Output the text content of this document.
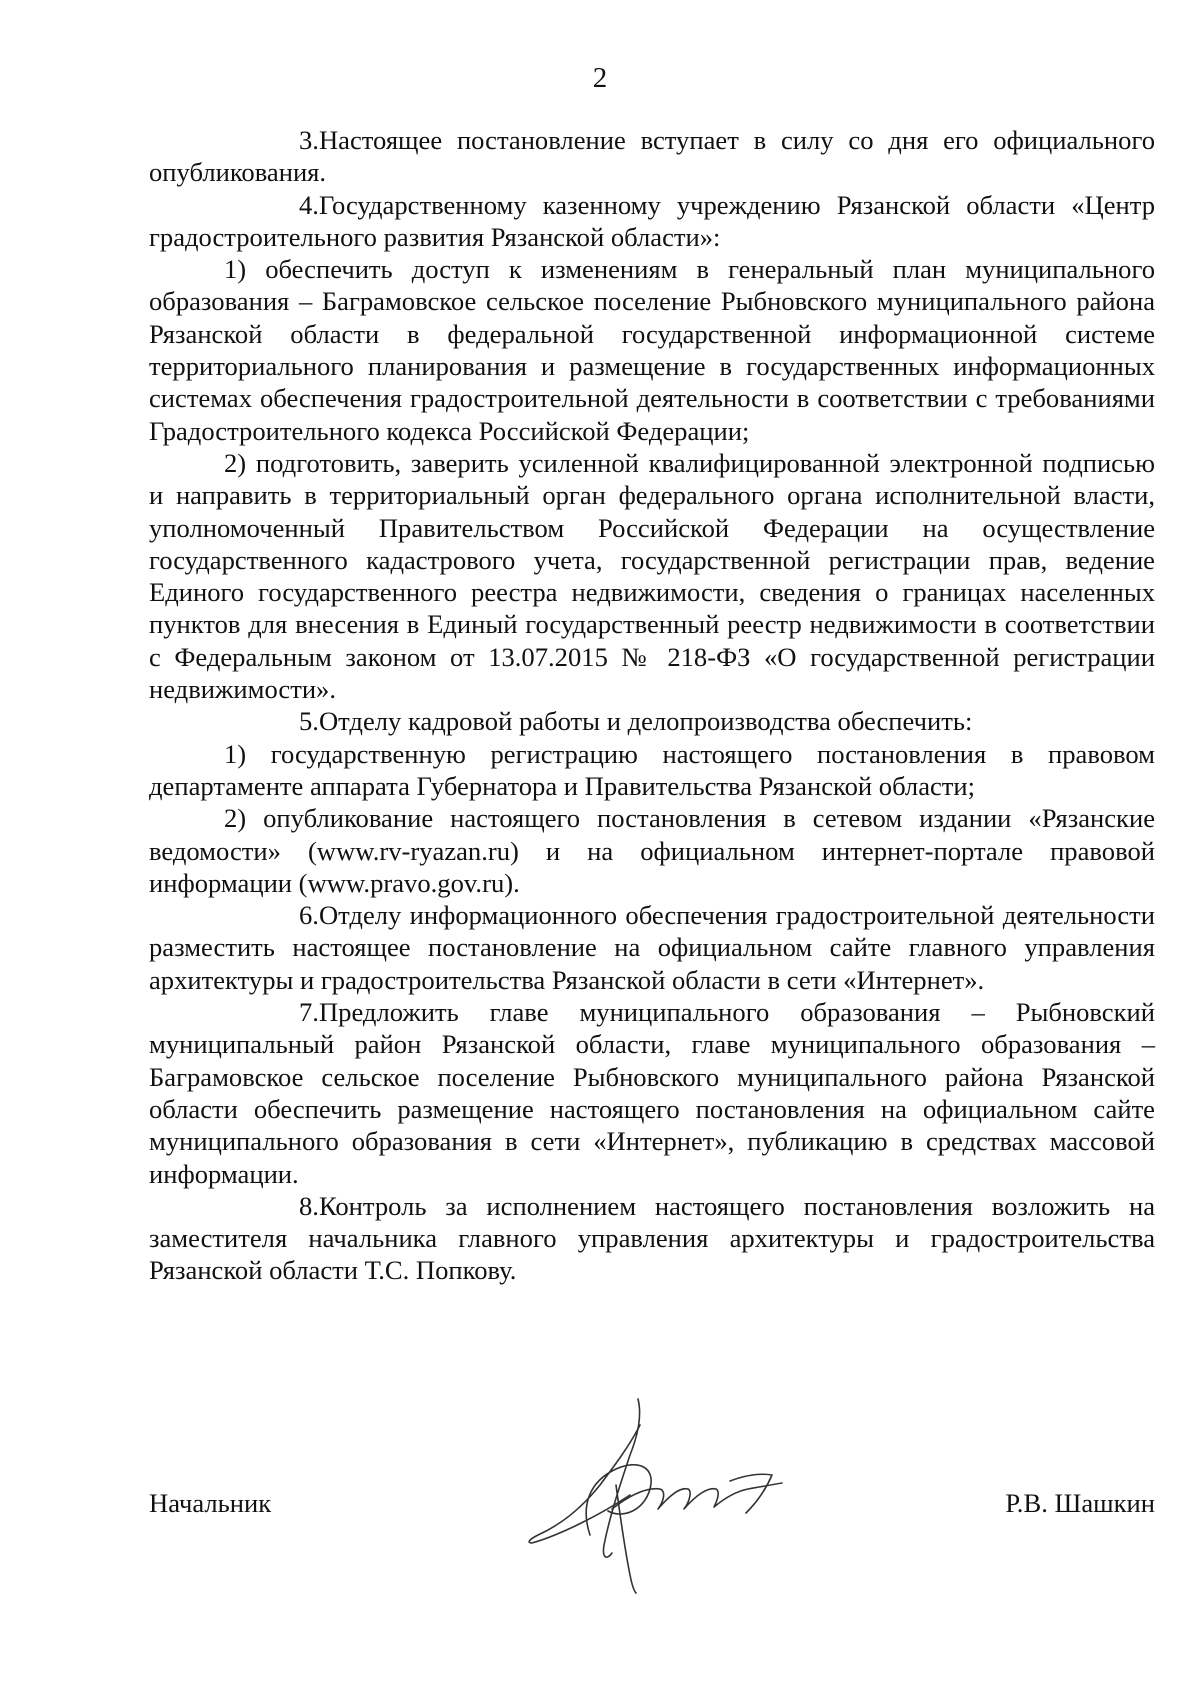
2

3.Настоящее постановление вступает в силу со дня его официального опубликования.

4.Государственному казенному учреждению Рязанской области «Центр градостроительного развития Рязанской области»:

1) обеспечить доступ к изменениям в генеральный план муниципального образования – Баграмовское сельское поселение Рыбновского муниципального района Рязанской области в федеральной государственной информационной системе территориального планирования и размещение в государственных информационных системах обеспечения градостроительной деятельности в соответствии с требованиями Градостроительного кодекса Российской Федерации;

2) подготовить, заверить усиленной квалифицированной электронной подписью и направить в территориальный орган федерального органа исполнительной власти, уполномоченный Правительством Российской Федерации на осуществление государственного кадастрового учета, государственной регистрации прав, ведение Единого государственного реестра недвижимости, сведения о границах населенных пунктов для внесения в Единый государственный реестр недвижимости в соответствии с Федеральным законом от 13.07.2015 № 218-ФЗ «О государственной регистрации недвижимости».

5.Отделу кадровой работы и делопроизводства обеспечить:

1) государственную регистрацию настоящего постановления в правовом департаменте аппарата Губернатора и Правительства Рязанской области;

2) опубликование настоящего постановления в сетевом издании «Рязанские ведомости» (www.rv-ryazan.ru) и на официальном интернет-портале правовой информации (www.pravo.gov.ru).

6.Отделу информационного обеспечения градостроительной деятельности разместить настоящее постановление на официальном сайте главного управления архитектуры и градостроительства Рязанской области в сети «Интернет».

7.Предложить главе муниципального образования – Рыбновский муниципальный район Рязанской области, главе муниципального образования – Баграмовское сельское поселение Рыбновского муниципального района Рязанской области обеспечить размещение настоящего постановления на официальном сайте муниципального образования в сети «Интернет», публикацию в средствах массовой информации.

8.Контроль за исполнением настоящего постановления возложить на заместителя начальника главного управления архитектуры и градостроительства Рязанской области Т.С. Попкову.

Начальник	Р.В. Шашкин
